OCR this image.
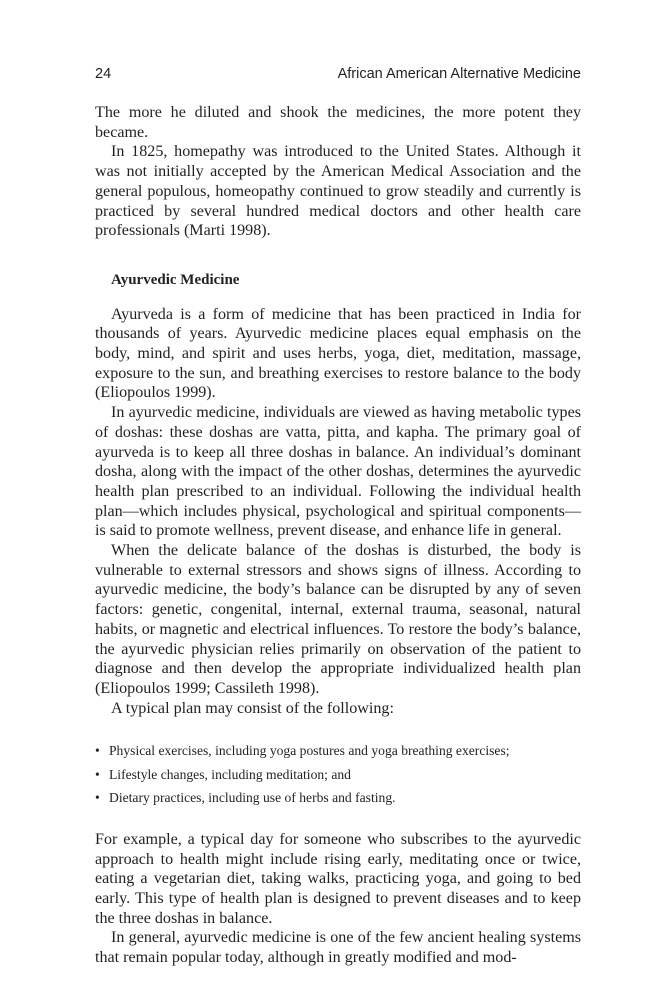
24	African American Alternative Medicine

The more he diluted and shook the medicines, the more potent they became.

In 1825, homepathy was introduced to the United States. Although it was not initially accepted by the American Medical Association and the general populous, homeopathy continued to grow steadily and currently is practiced by several hundred medical doctors and other health care professionals (Marti 1998).

Ayurvedic Medicine

Ayurveda is a form of medicine that has been practiced in India for thousands of years. Ayurvedic medicine places equal emphasis on the body, mind, and spirit and uses herbs, yoga, diet, meditation, massage, exposure to the sun, and breathing exercises to restore balance to the body (Eliopoulos 1999).

In ayurvedic medicine, individuals are viewed as having metabolic types of doshas: these doshas are vatta, pitta, and kapha. The primary goal of ayurveda is to keep all three doshas in balance. An individual’s dominant dosha, along with the impact of the other doshas, determines the ayurvedic health plan prescribed to an individual. Following the individual health plan—which includes physical, psychological and spiritual components—is said to promote wellness, prevent disease, and enhance life in general.

When the delicate balance of the doshas is disturbed, the body is vulnerable to external stressors and shows signs of illness. According to ayurvedic medicine, the body’s balance can be disrupted by any of seven factors: genetic, congenital, internal, external trauma, seasonal, natural habits, or magnetic and electrical influences. To restore the body’s balance, the ayurvedic physician relies primarily on observation of the patient to diagnose and then develop the appropriate individualized health plan (Eliopoulos 1999; Cassileth 1998).

A typical plan may consist of the following:

• Physical exercises, including yoga postures and yoga breathing exercises;
• Lifestyle changes, including meditation; and
• Dietary practices, including use of herbs and fasting.

For example, a typical day for someone who subscribes to the ayurvedic approach to health might include rising early, meditating once or twice, eating a vegetarian diet, taking walks, practicing yoga, and going to bed early. This type of health plan is designed to prevent diseases and to keep the three doshas in balance.

In general, ayurvedic medicine is one of the few ancient healing systems that remain popular today, although in greatly modified and mod-
